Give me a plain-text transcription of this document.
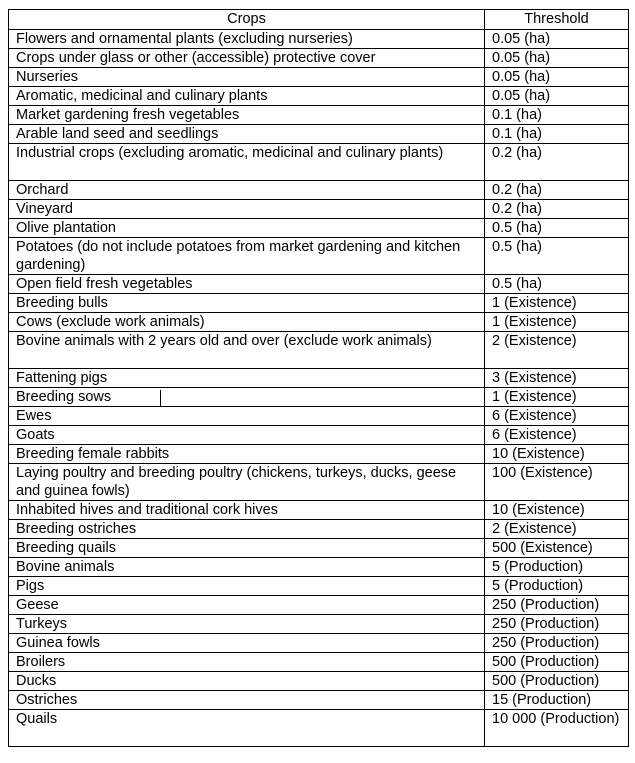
Crops	Threshold
Flowers and ornamental plants (excluding nurseries)	0.05 (ha)
Crops under glass or other (accessible) protective cover	0.05 (ha)
Nurseries	0.05 (ha)
Aromatic, medicinal and culinary plants	0.05 (ha)
Market gardening fresh vegetables	0.1 (ha)
Arable land seed and seedlings	0.1 (ha)
Industrial crops (excluding aromatic, medicinal and culinary plants)	0.2 (ha)
Orchard	0.2 (ha)
Vineyard	0.2 (ha)
Olive plantation	0.5 (ha)
Potatoes (do not include potatoes from market gardening and kitchen gardening)	0.5 (ha)
Open field fresh vegetables	0.5 (ha)
Breeding bulls	1 (Existence)
Cows (exclude work animals)	1 (Existence)
Bovine animals with 2 years old and over (exclude work animals)	2 (Existence)
Fattening pigs	3 (Existence)
Breeding sows	1 (Existence)
Ewes	6 (Existence)
Goats	6 (Existence)
Breeding female rabbits	10 (Existence)
Laying poultry and breeding poultry (chickens, turkeys, ducks, geese and guinea fowls)	100 (Existence)
Inhabited hives and traditional cork hives	10 (Existence)
Breeding ostriches	2 (Existence)
Breeding quails	500 (Existence)
Bovine animals	5 (Production)
Pigs	5 (Production)
Geese	250 (Production)
Turkeys	250 (Production)
Guinea fowls	250 (Production)
Broilers	500 (Production)
Ducks	500 (Production)
Ostriches	15 (Production)
Quails	10 000 (Production)
